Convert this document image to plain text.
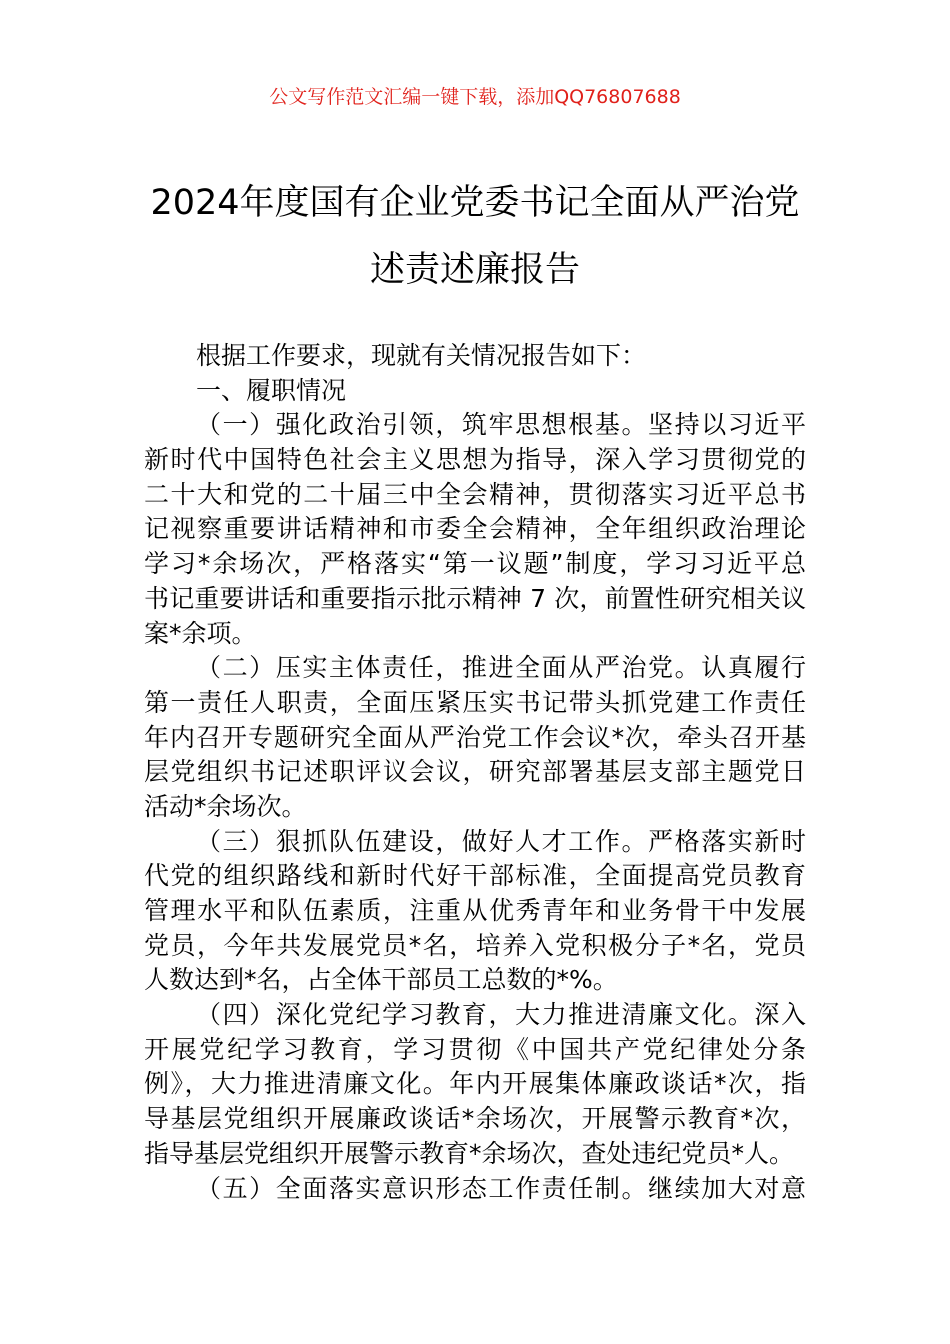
公文写作范文汇编一键下载，添加QQ76807688
2024年度国有企业党委书记全面从严治党
述责述廉报告
根据工作要求，现就有关情况报告如下：
一、履职情况
（一）强化政治引领，筑牢思想根基。坚持以习近平
新时代中国特色社会主义思想为指导，深入学习贯彻党的
二十大和党的二十届三中全会精神，贯彻落实习近平总书
记视察重要讲话精神和市委全会精神，全年组织政治理论
学习*余场次，严格落实“第一议题”制度，学习习近平总
书记重要讲话和重要指示批示精神 7 次，前置性研究相关议
案*余项。
（二）压实主体责任，推进全面从严治党。认真履行
第一责任人职责，全面压紧压实书记带头抓党建工作责任
年内召开专题研究全面从严治党工作会议*次，牵头召开基
层党组织书记述职评议会议，研究部署基层支部主题党日
活动*余场次。
（三）狠抓队伍建设，做好人才工作。严格落实新时
代党的组织路线和新时代好干部标准，全面提高党员教育
管理水平和队伍素质，注重从优秀青年和业务骨干中发展
党员，今年共发展党员*名，培养入党积极分子*名，党员
人数达到*名，占全体干部员工总数的*%。
（四）深化党纪学习教育，大力推进清廉文化。深入
开展党纪学习教育，学习贯彻《中国共产党纪律处分条
例》，大力推进清廉文化。年内开展集体廉政谈话*次，指
导基层党组织开展廉政谈话*余场次，开展警示教育*次，
指导基层党组织开展警示教育*余场次，查处违纪党员*人。
（五）全面落实意识形态工作责任制。继续加大对意
